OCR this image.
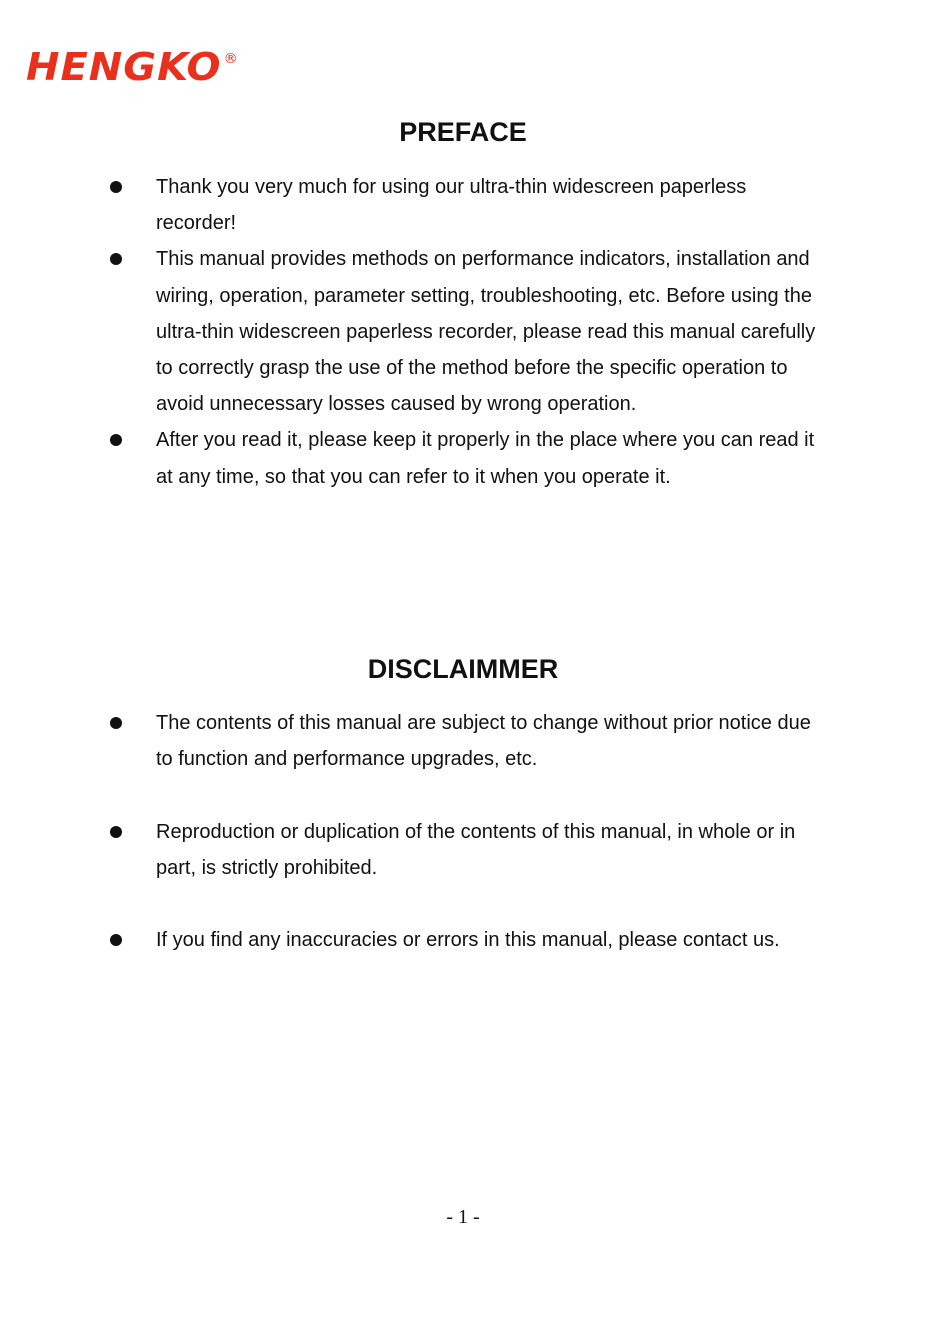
HENGKO ®
PREFACE
Thank you very much for using our ultra-thin widescreen paperless recorder!
This manual provides methods on performance indicators, installation and wiring, operation, parameter setting, troubleshooting, etc. Before using the ultra-thin widescreen paperless recorder, please read this manual carefully to correctly grasp the use of the method before the specific operation to avoid unnecessary losses caused by wrong operation.
After you read it, please keep it properly in the place where you can read it at any time, so that you can refer to it when you operate it.
DISCLAIMMER
The contents of this manual are subject to change without prior notice due to function and performance upgrades, etc.
Reproduction or duplication of the contents of this manual, in whole or in part, is strictly prohibited.
If you find any inaccuracies or errors in this manual, please contact us.
- 1 -
